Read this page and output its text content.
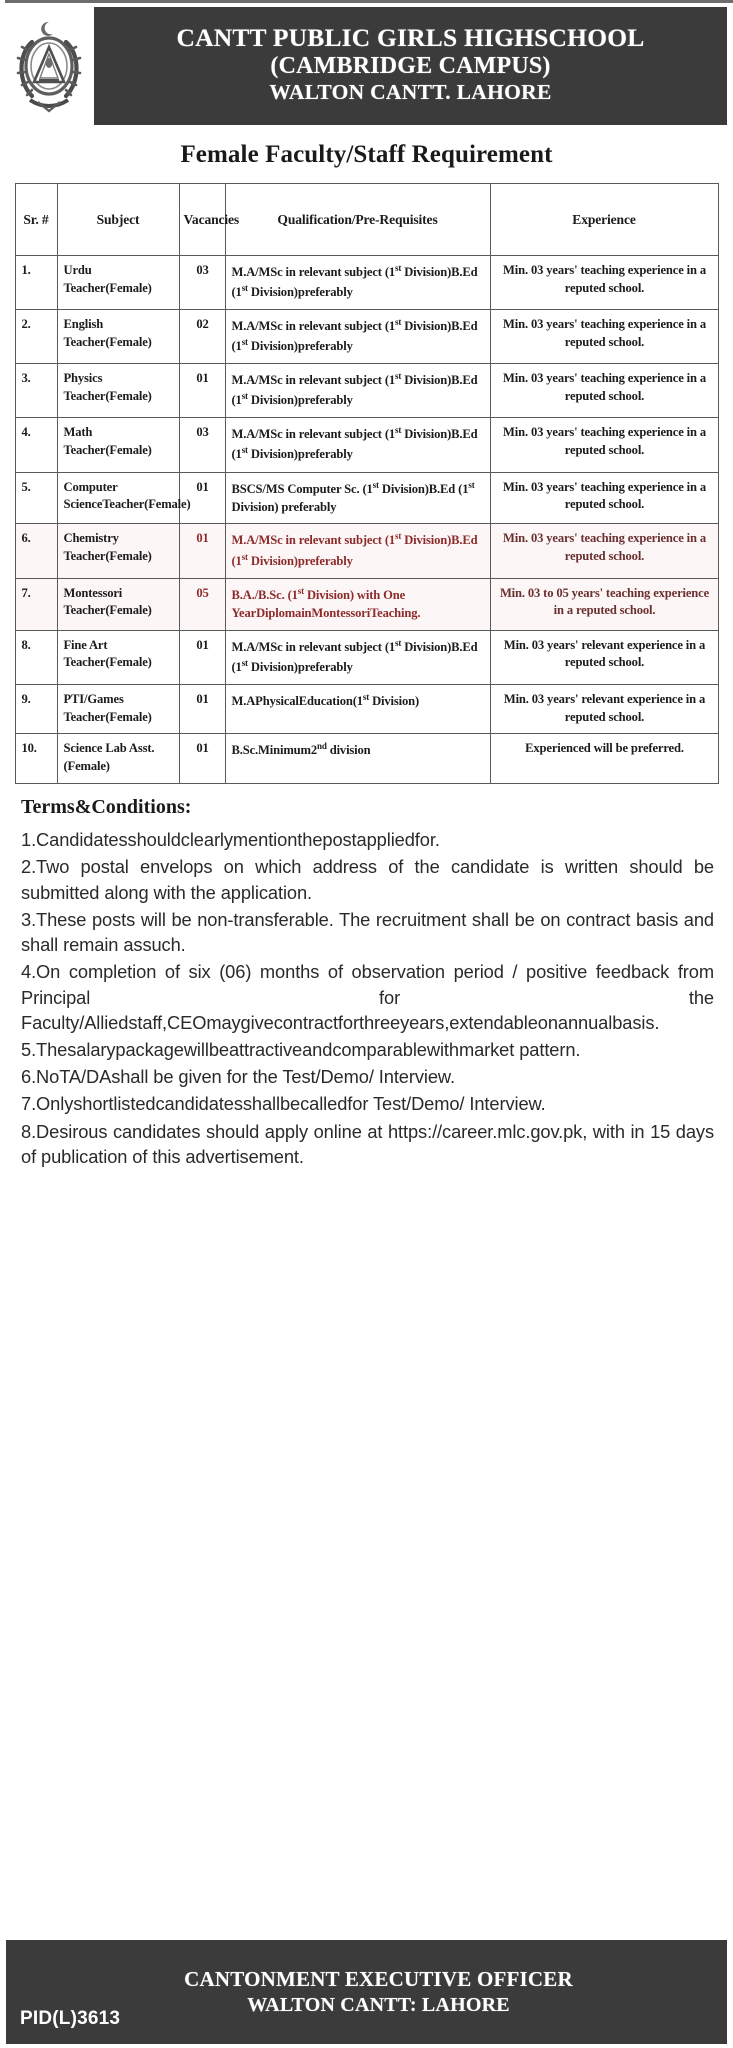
CANTT PUBLIC GIRLS HIGHSCHOOL
(CAMBRIDGE CAMPUS)
WALTON CANTT. LAHORE
Female Faculty/Staff Requirement
Sr. #	Subject	Vacancies	Qualification/Pre-Requisites	Experience
1.	Urdu Teacher(Female)	03	M.A/MSc in relevant subject (1st Division)B.Ed (1st Division)preferably	Min. 03 years' teaching experience in a reputed school.
2.	English Teacher(Female)	02	M.A/MSc in relevant subject (1st Division)B.Ed (1st Division)preferably	Min. 03 years' teaching experience in a reputed school.
3.	Physics Teacher(Female)	01	M.A/MSc in relevant subject (1st Division)B.Ed (1st Division)preferably	Min. 03 years' teaching experience in a reputed school.
4.	Math Teacher(Female)	03	M.A/MSc in relevant subject (1st Division)B.Ed (1st Division)preferably	Min. 03 years' teaching experience in a reputed school.
5.	Computer ScienceTeacher(Female)	01	BSCS/MS Computer Sc. (1st Division)B.Ed (1st Division) preferably	Min. 03 years' teaching experience in a reputed school.
6.	Chemistry Teacher(Female)	01	M.A/MSc in relevant subject (1st Division)B.Ed (1st Division)preferably	Min. 03 years' teaching experience in a reputed school.
7.	Montessori Teacher(Female)	05	B.A./B.Sc. (1st Division) with One YearDiplomainMontessoriTeaching.	Min. 03 to 05 years' teaching experience in a reputed school.
8.	Fine Art Teacher(Female)	01	M.A/MSc in relevant subject (1st Division)B.Ed (1st Division)preferably	Min. 03 years' relevant experience in a reputed school.
9.	PTI/Games Teacher(Female)	01	M.APhysicalEducation(1st Division)	Min. 03 years' relevant experience in a reputed school.
10.	Science Lab Asst.(Female)	01	B.Sc.Minimum2nd division	Experienced will be preferred.
Terms&Conditions:

1.Candidatesshouldclearlymentionthepostappliedfor.

2.Two postal envelops on which address of the candidate is written should be submitted along with the application.

3.These posts will be non-transferable. The recruitment shall be on contract basis and shall remain assuch.

4.On completion of six (06) months of observation period / positive feedback from Principal for the Faculty/Alliedstaff,CEOmaygivecontractforthreeyears,extendableonannualbasis.

5.Thesalarypackagewillbeattractiveandcomparablewithmarket pattern.

6.NoTA/DAshall be given for the Test/Demo/ Interview.

7.Onlyshortlistedcandidatesshallbecalledfor Test/Demo/ Interview.

8.Desirous candidates should apply online at https://career.mlc.gov.pk, with in 15 days of publication of this advertisement.

PID(L)3613
CANTONMENT EXECUTIVE OFFICER
WALTON CANTT: LAHORE
